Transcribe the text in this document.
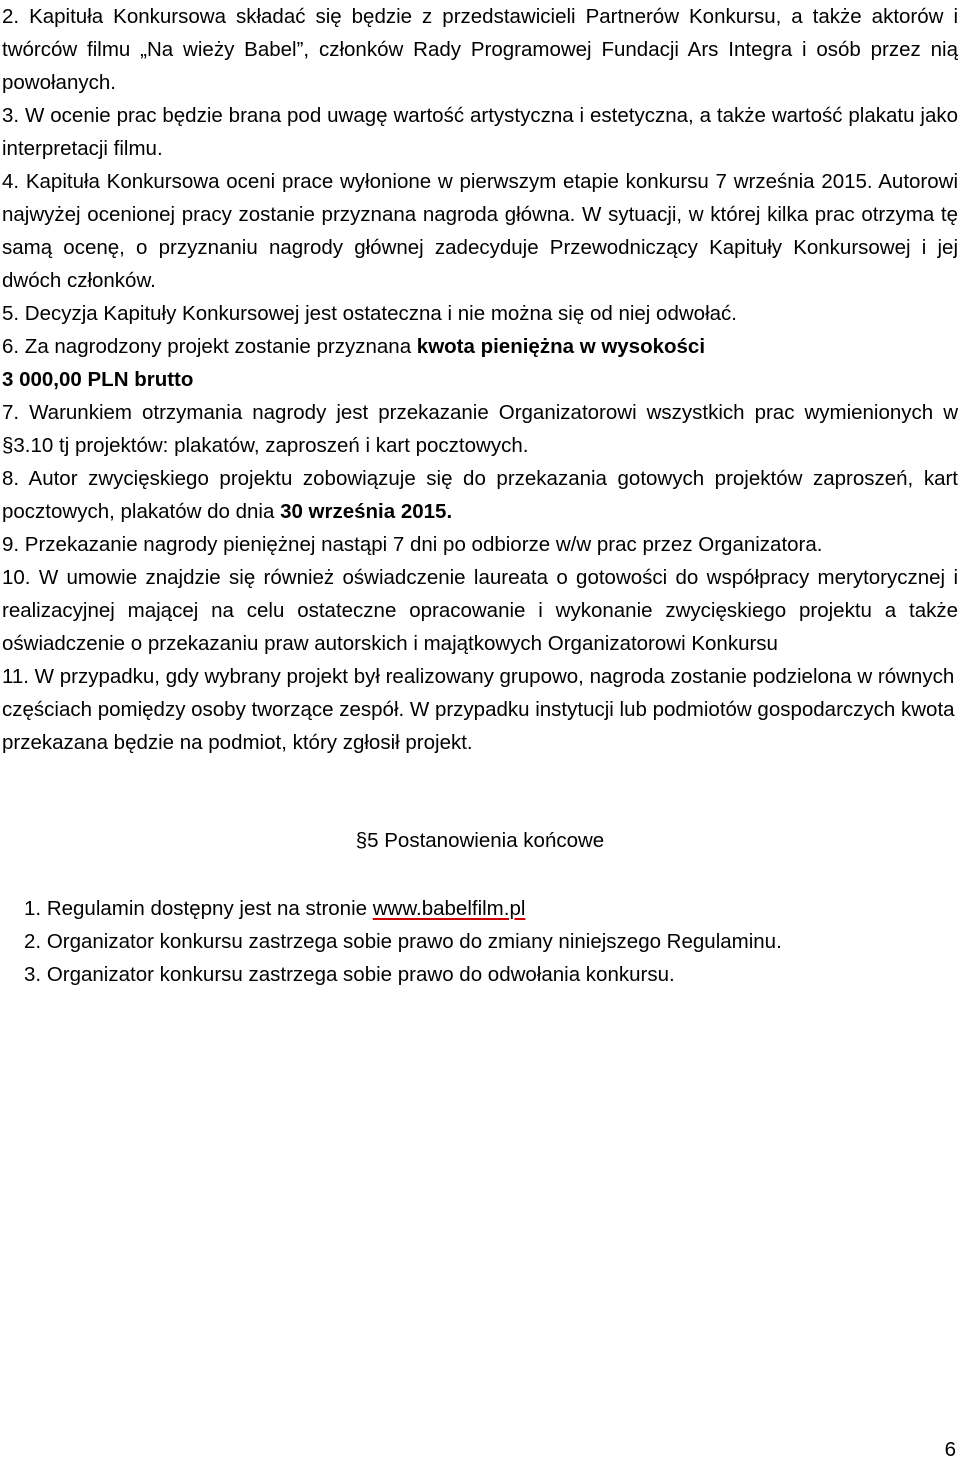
2. Kapituła Konkursowa składać się będzie z przedstawicieli Partnerów Konkursu, a także aktorów i twórców filmu „Na wieży Babel”, członków Rady Programowej Fundacji Ars Integra i osób przez nią powołanych.

3. W ocenie prac będzie brana pod uwagę wartość artystyczna i estetyczna, a także wartość plakatu jako interpretacji filmu.

4. Kapituła Konkursowa oceni prace wyłonione w pierwszym etapie konkursu 7 września 2015. Autorowi najwyżej ocenionej pracy zostanie przyznana nagroda główna. W sytuacji, w której kilka prac otrzyma tę samą ocenę, o przyznaniu nagrody głównej zadecyduje Przewodniczący Kapituły Konkursowej i jej dwóch członków.

5. Decyzja Kapituły Konkursowej jest ostateczna i nie można się od niej odwołać.

6. Za nagrodzony projekt zostanie przyznana kwota pieniężna w wysokości
3 000,00 PLN brutto

7. Warunkiem otrzymania nagrody jest przekazanie Organizatorowi wszystkich prac wymienionych w §3.10 tj projektów: plakatów, zaproszeń i kart pocztowych.

8. Autor zwycięskiego projektu zobowiązuje się do przekazania gotowych projektów zaproszeń, kart pocztowych, plakatów do dnia 30 września 2015.

9. Przekazanie nagrody pieniężnej nastąpi 7 dni po odbiorze w/w prac przez Organizatora.

10. W umowie znajdzie się również oświadczenie laureata o gotowości do współpracy merytorycznej i realizacyjnej mającej na celu ostateczne opracowanie i wykonanie zwycięskiego projektu a także oświadczenie o przekazaniu praw autorskich i majątkowych Organizatorowi Konkursu

11. W przypadku, gdy wybrany projekt był realizowany grupowo, nagroda zostanie podzielona w równych częściach pomiędzy osoby tworzące zespół. W przypadku instytucji lub podmiotów gospodarczych kwota przekazana będzie na podmiot, który zgłosił projekt.

§5 Postanowienia końcowe
1. Regulamin dostępny jest na stronie www.babelfilm.pl
2. Organizator konkursu zastrzega sobie prawo do zmiany niniejszego Regulaminu.
3. Organizator konkursu zastrzega sobie prawo do odwołania konkursu.
6
